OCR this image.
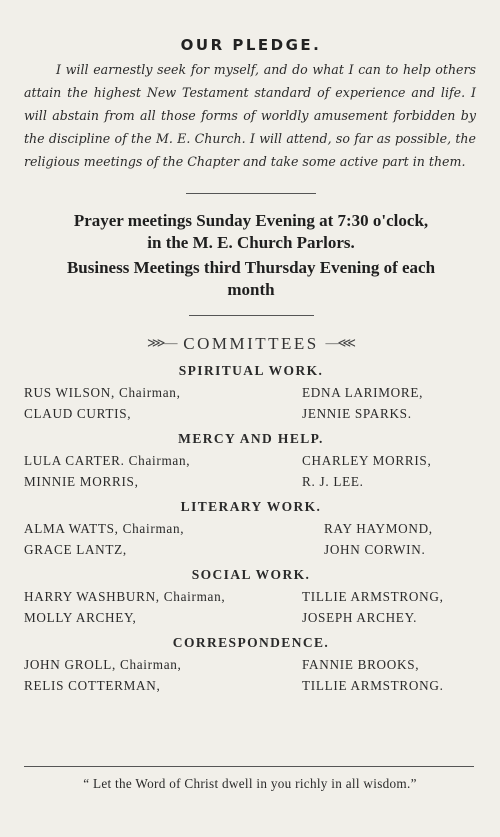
OUR PLEDGE.

I will earnestly seek for myself, and do what I can to help others attain the highest New Testament standard of experience and life. I will abstain from all those forms of worldly amusement forbidden by the discipline of the M. E. Church. I will attend, so far as possible, the religious meetings of the Chapter and take some active part in them.

Prayer meetings Sunday Evening at 7:30 o'clock,
in the M. E. Church Parlors.
Business Meetings third Thursday Evening of each
month
⋙— COMMITTEES —⋘
SPIRITUAL WORK.
RUS WILSON, Chairman,	EDNA LARIMORE,
CLAUD CURTIS,	JENNIE SPARKS.
MERCY AND HELP.
LULA CARTER. Chairman,	CHARLEY MORRIS,
MINNIE MORRIS,	R. J. LEE.
LITERARY WORK.
ALMA WATTS, Chairman,	RAY HAYMOND,
GRACE LANTZ,	JOHN CORWIN.
SOCIAL WORK.
HARRY WASHBURN, Chairman,	TILLIE ARMSTRONG,
MOLLY ARCHEY,	JOSEPH ARCHEY.
CORRESPONDENCE.
JOHN GROLL, Chairman,	FANNIE BROOKS,
RELIS COTTERMAN,	TILLIE ARMSTRONG.
“ Let the Word of Christ dwell in you richly in all wisdom.”
